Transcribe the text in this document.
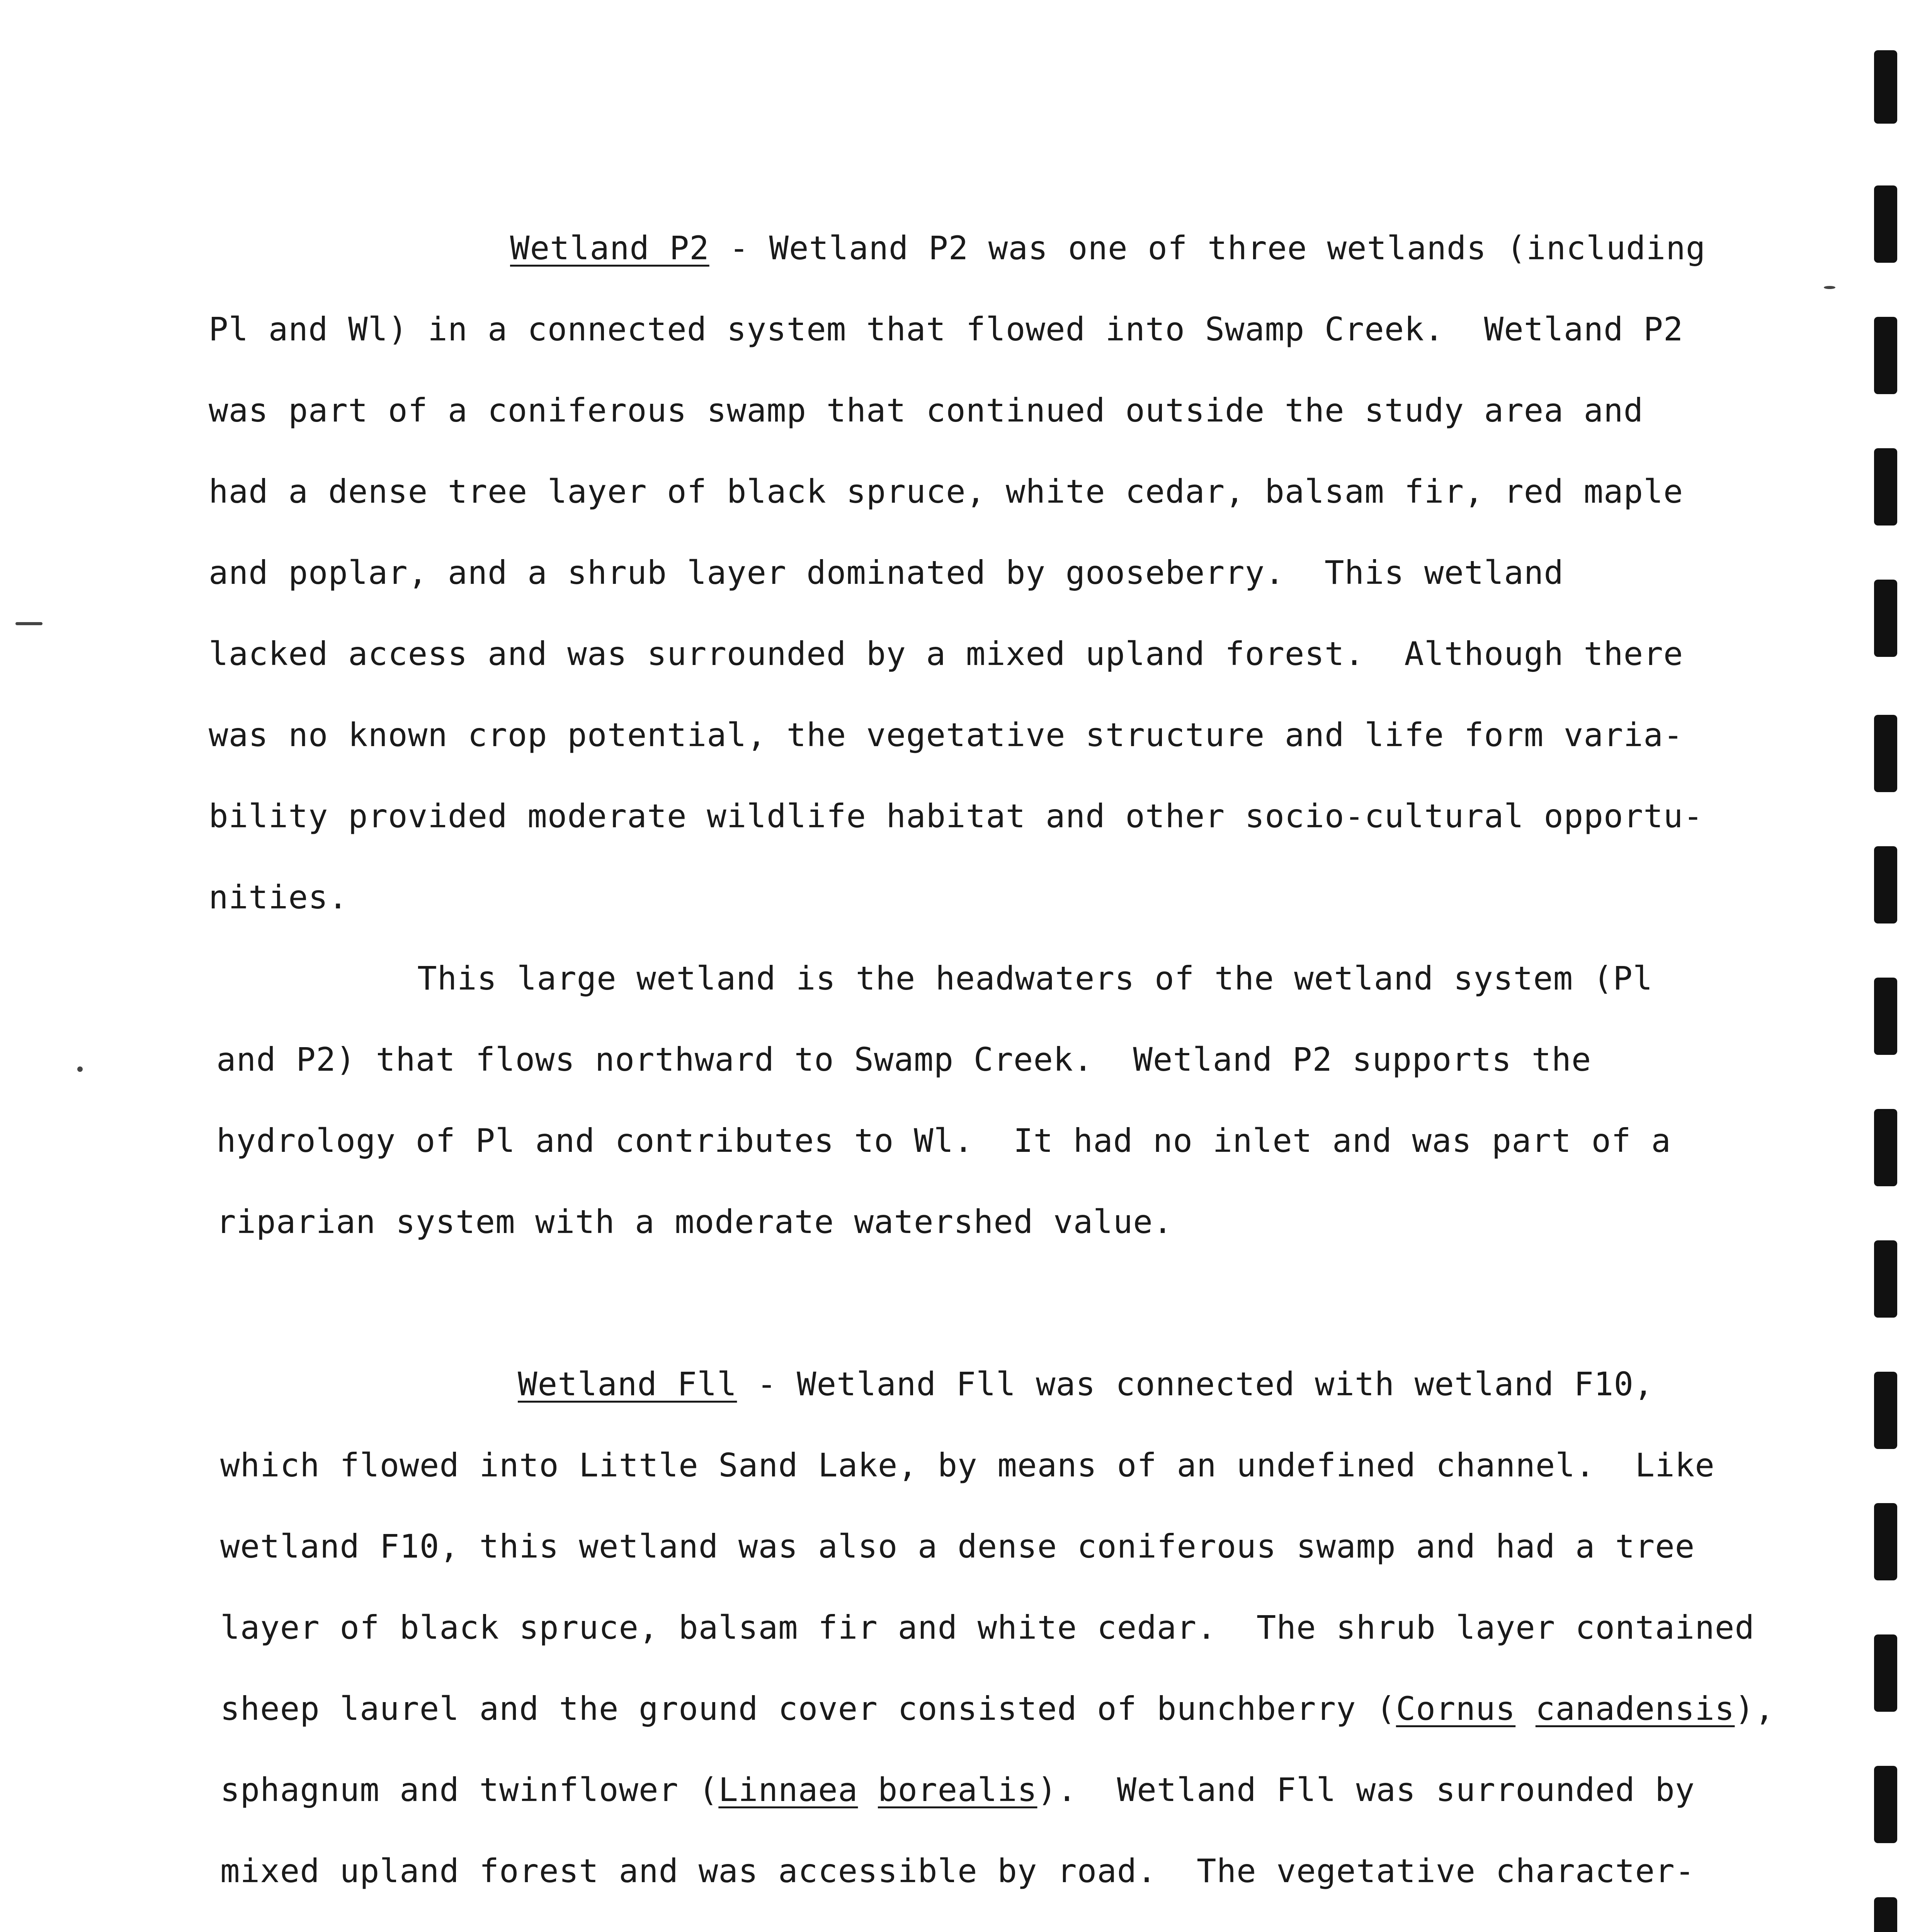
Wetland P2 - Wetland P2 was one of three wetlands (including
Pl and Wl) in a connected system that flowed into Swamp Creek.  Wetland P2
was part of a coniferous swamp that continued outside the study area and
had a dense tree layer of black spruce, white cedar, balsam fir, red maple
and poplar, and a shrub layer dominated by gooseberry.  This wetland
lacked access and was surrounded by a mixed upland forest.  Although there
was no known crop potential, the vegetative structure and life form varia-
bility provided moderate wildlife habitat and other socio-cultural opportu-
nities.
This large wetland is the headwaters of the wetland system (Pl
and P2) that flows northward to Swamp Creek.  Wetland P2 supports the
hydrology of Pl and contributes to Wl.  It had no inlet and was part of a
riparian system with a moderate watershed value.
Wetland Fll - Wetland Fll was connected with wetland F10,
which flowed into Little Sand Lake, by means of an undefined channel.  Like
wetland F10, this wetland was also a dense coniferous swamp and had a tree
layer of black spruce, balsam fir and white cedar.  The shrub layer contained
sheep laurel and the ground cover consisted of bunchberry (Cornus canadensis),
sphagnum and twinflower (Linnaea borealis).  Wetland Fll was surrounded by
mixed upland forest and was accessible by road.  The vegetative character-
